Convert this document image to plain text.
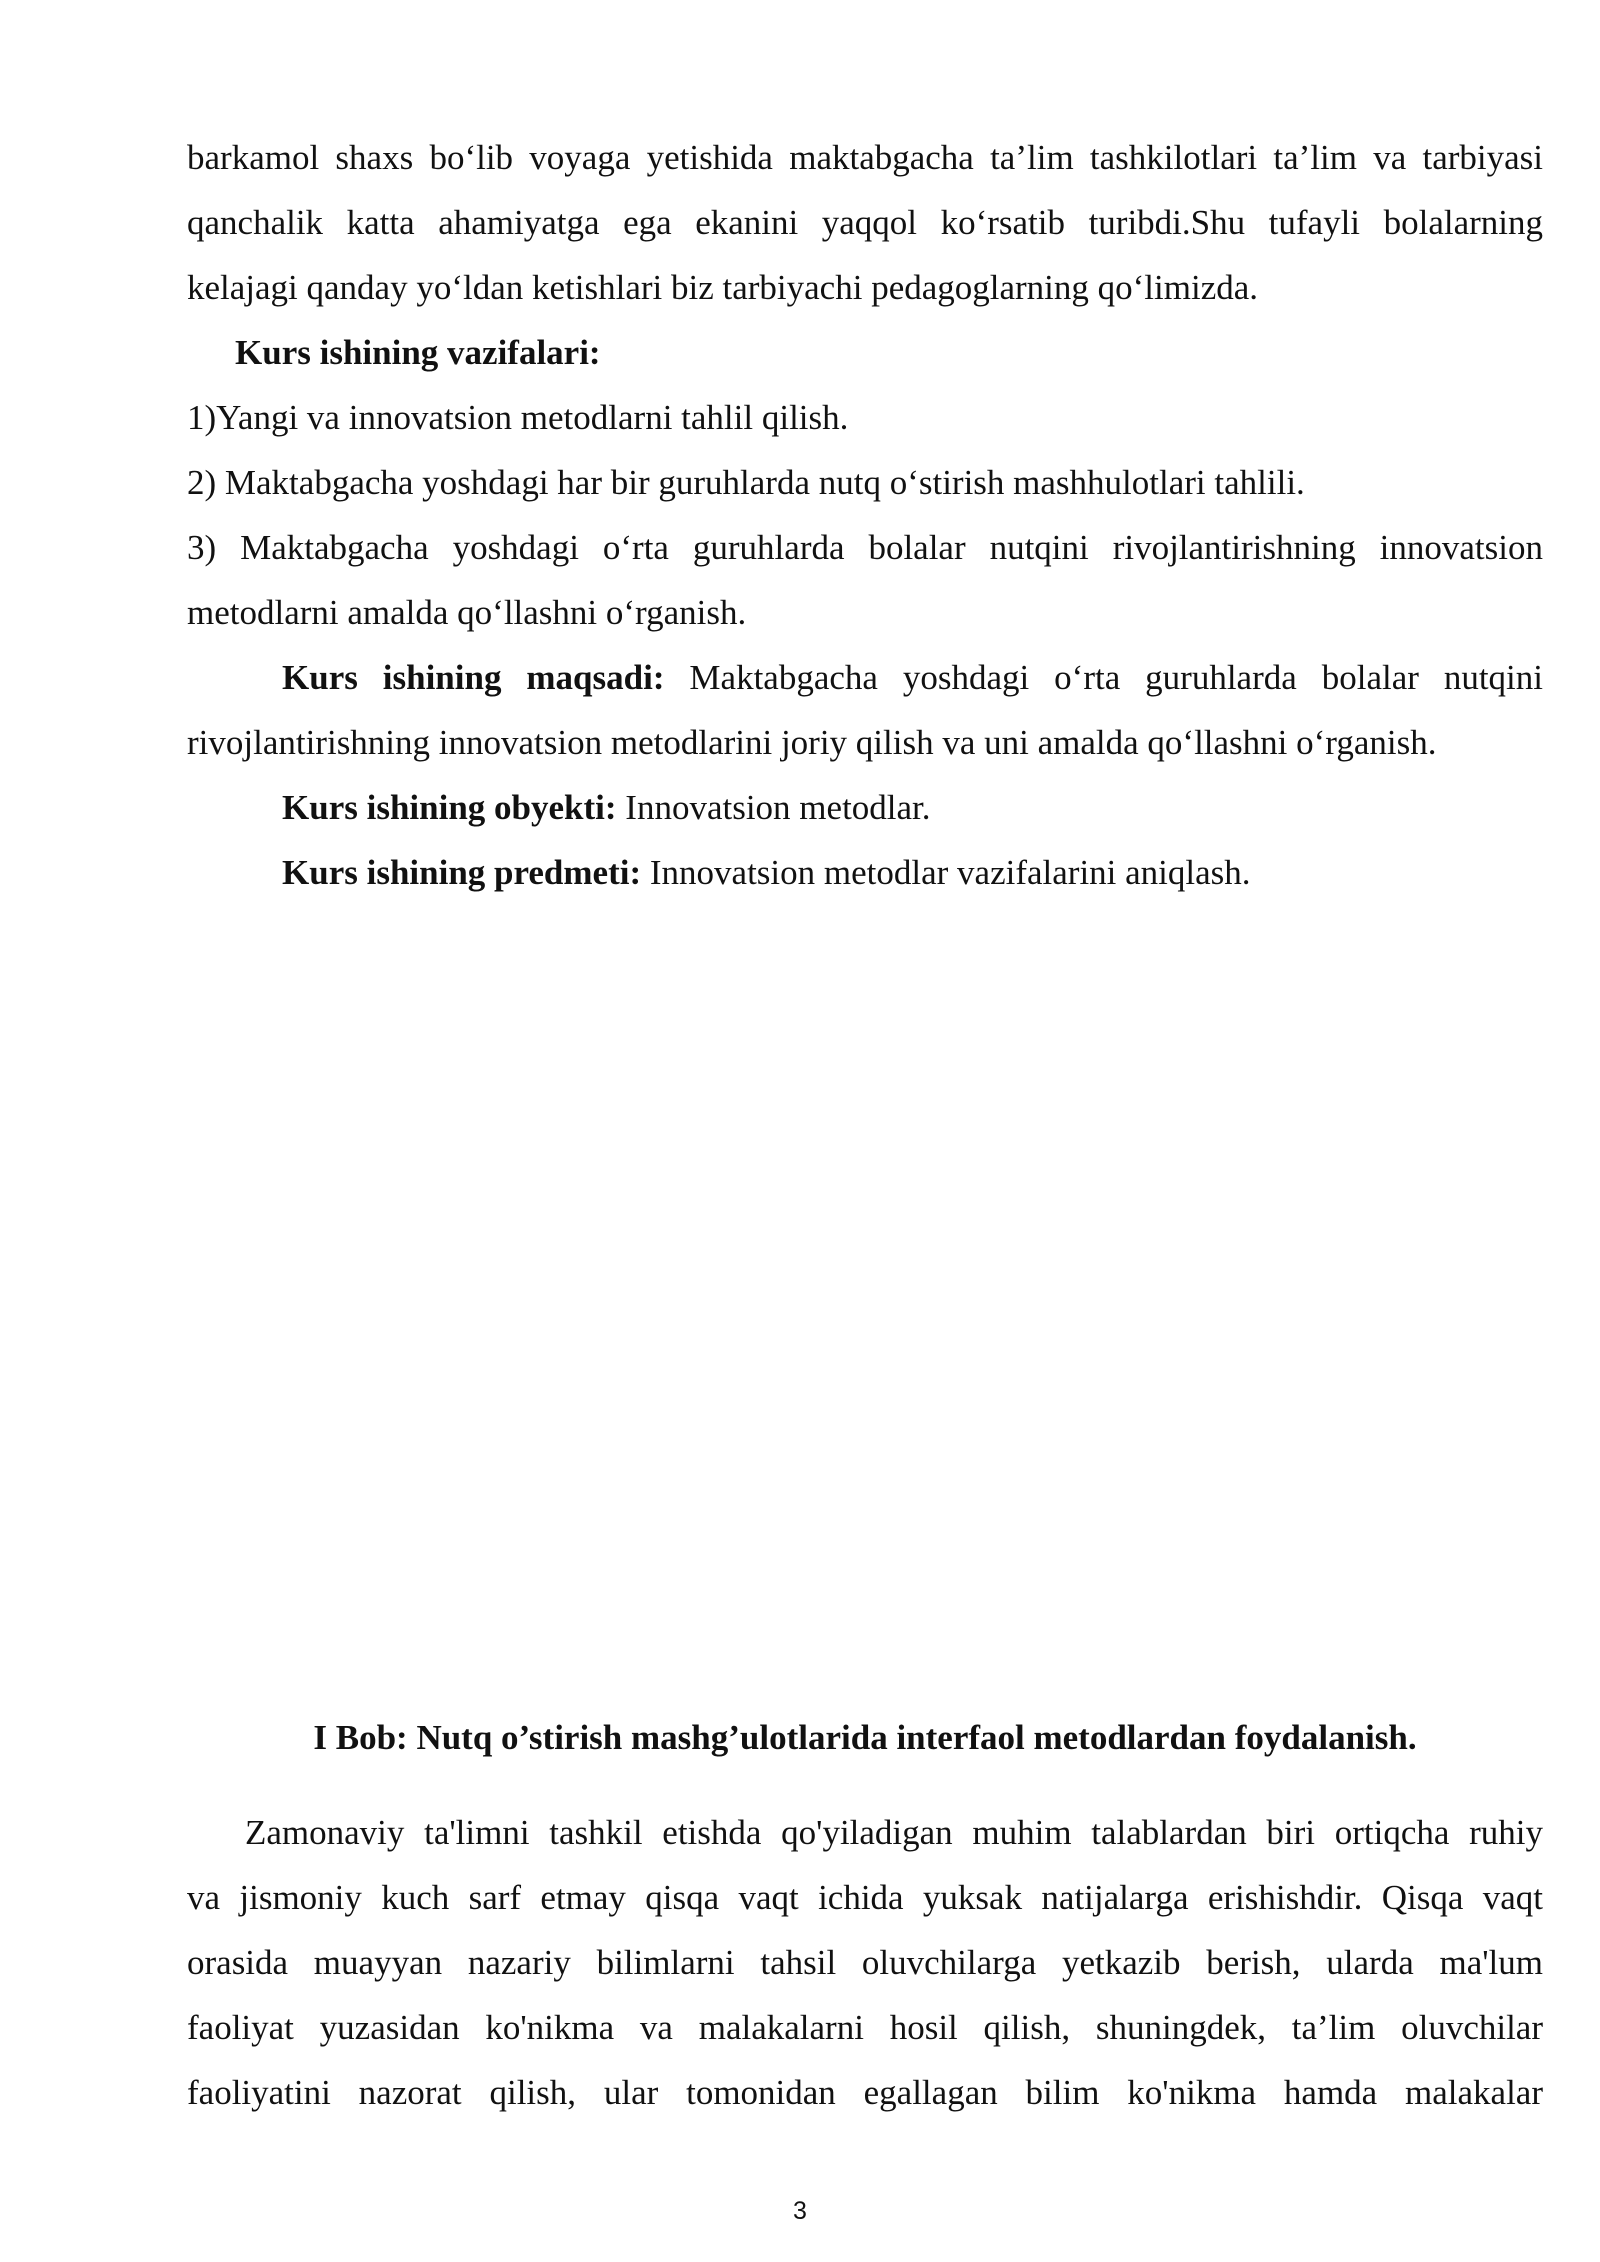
barkamol shaxs bo‘lib voyaga yetishida maktabgacha ta’lim tashkilotlari ta’lim va tarbiyasi
qanchalik katta ahamiyatga ega ekanini yaqqol ko‘rsatib turibdi.Shu tufayli bolalarning
kelajagi qanday yo‘ldan ketishlari biz tarbiyachi pedagoglarning qo‘limizda.
Kurs ishining vazifalari:
1)Yangi va innovatsion metodlarni tahlil qilish.
2) Maktabgacha yoshdagi har bir guruhlarda nutq o‘stirish mashhulotlari tahlili.
3) Maktabgacha yoshdagi o‘rta guruhlarda bolalar nutqini rivojlantirishning innovatsion
metodlarni amalda qo‘llashni o‘rganish.
Kurs ishining maqsadi: Maktabgacha yoshdagi o‘rta guruhlarda bolalar nutqini
rivojlantirishning innovatsion metodlarini joriy qilish va uni amalda qo‘llashni o‘rganish.
Kurs ishining obyekti: Innovatsion metodlar.
Kurs ishining predmeti: Innovatsion metodlar vazifalarini aniqlash.
I Bob: Nutq o’stirish mashg’ulotlarida interfaol metodlardan foydalanish.
Zamonaviy ta'limni tashkil etishda qo'yiladigan muhim talablardan biri ortiqcha ruhiy
va jismoniy kuch sarf etmay qisqa vaqt ichida yuksak natijalarga erishishdir. Qisqa vaqt
orasida muayyan nazariy bilimlarni tahsil oluvchilarga yetkazib berish, ularda ma'lum
faoliyat yuzasidan ko'nikma va malakalarni hosil qilish, shuningdek, ta’lim oluvchilar
faoliyatini nazorat qilish, ular tomonidan egallagan bilim ko'nikma hamda malakalar
3
